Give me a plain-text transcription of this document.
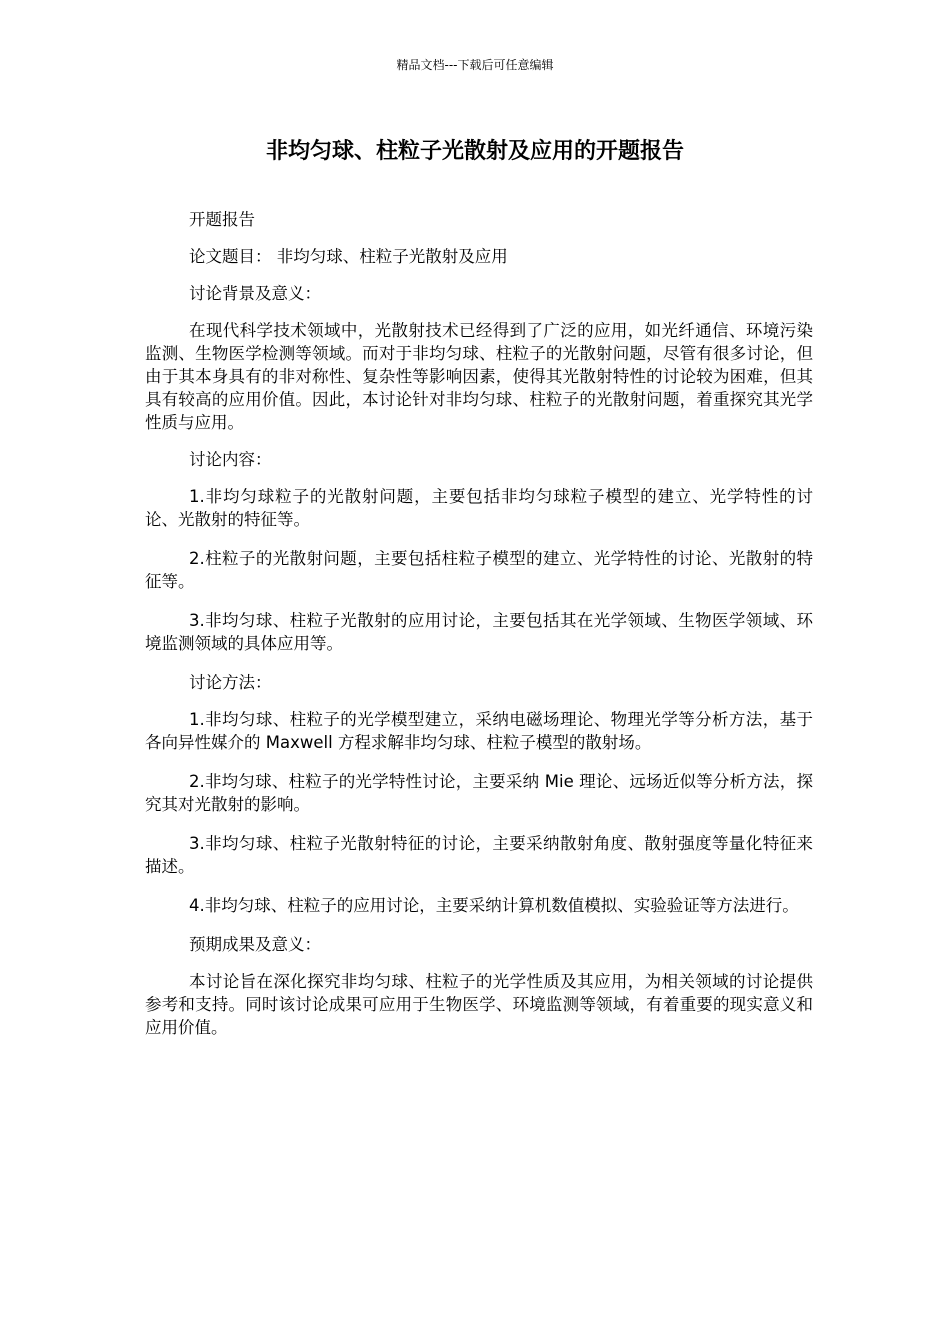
精品文档---下载后可任意编辑
非均匀球、柱粒子光散射及应用的开题报告

开题报告

论文题目： 非均匀球、柱粒子光散射及应用

讨论背景及意义：

在现代科学技术领域中，光散射技术已经得到了广泛的应用，如光纤通信、环境污染监测、生物医学检测等领域。而对于非均匀球、柱粒子的光散射问题，尽管有很多讨论，但由于其本身具有的非对称性、复杂性等影响因素，使得其光散射特性的讨论较为困难，但其具有较高的应用价值。因此，本讨论针对非均匀球、柱粒子的光散射问题，着重探究其光学性质与应用。

讨论内容：

1.非均匀球粒子的光散射问题，主要包括非均匀球粒子模型的建立、光学特性的讨论、光散射的特征等。

2.柱粒子的光散射问题，主要包括柱粒子模型的建立、光学特性的讨论、光散射的特征等。

3.非均匀球、柱粒子光散射的应用讨论，主要包括其在光学领域、生物医学领域、环境监测领域的具体应用等。

讨论方法：

1.非均匀球、柱粒子的光学模型建立，采纳电磁场理论、物理光学等分析方法，基于各向异性媒介的 Maxwell 方程求解非均匀球、柱粒子模型的散射场。

2.非均匀球、柱粒子的光学特性讨论，主要采纳 Mie 理论、远场近似等分析方法，探究其对光散射的影响。

3.非均匀球、柱粒子光散射特征的讨论，主要采纳散射角度、散射强度等量化特征来描述。

4.非均匀球、柱粒子的应用讨论，主要采纳计算机数值模拟、实验验证等方法进行。

预期成果及意义：

本讨论旨在深化探究非均匀球、柱粒子的光学性质及其应用，为相关领域的讨论提供参考和支持。同时该讨论成果可应用于生物医学、环境监测等领域，有着重要的现实意义和应用价值。
